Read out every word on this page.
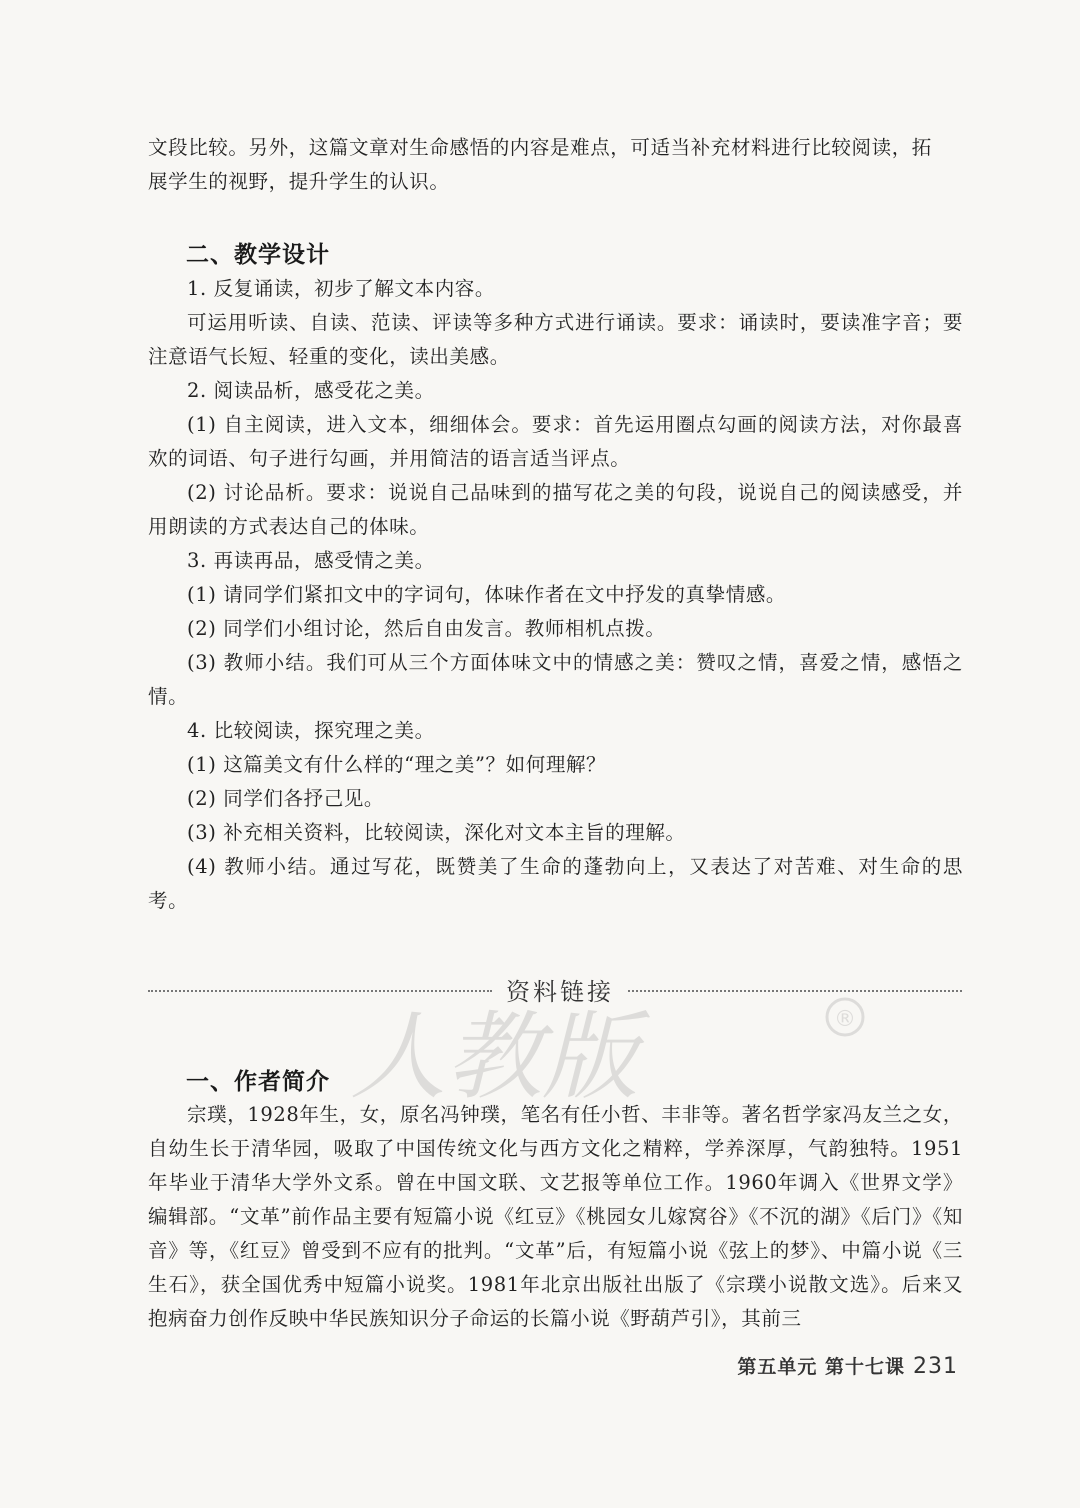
文段比较。另外，这篇文章对生命感悟的内容是难点，可适当补充材料进行比较阅读，拓

展学生的视野，提升学生的认识。

二、教学设计

1. 反复诵读，初步了解文本内容。

可运用听读、自读、范读、评读等多种方式进行诵读。要求：诵读时，要读准字音；要注意语气长短、轻重的变化，读出美感。

2. 阅读品析，感受花之美。

(1) 自主阅读，进入文本，细细体会。要求：首先运用圈点勾画的阅读方法，对你最喜欢的词语、句子进行勾画，并用简洁的语言适当评点。

(2) 讨论品析。要求：说说自己品味到的描写花之美的句段，说说自己的阅读感受，并用朗读的方式表达自己的体味。

3. 再读再品，感受情之美。

(1) 请同学们紧扣文中的字词句，体味作者在文中抒发的真挚情感。

(2) 同学们小组讨论，然后自由发言。教师相机点拨。

(3) 教师小结。我们可从三个方面体味文中的情感之美：赞叹之情，喜爱之情，感悟之情。

4. 比较阅读，探究理之美。

(1) 这篇美文有什么样的“理之美”？如何理解？

(2) 同学们各抒己见。

(3) 补充相关资料，比较阅读，深化对文本主旨的理解。

(4) 教师小结。通过写花，既赞美了生命的蓬勃向上，又表达了对苦难、对生命的思考。

资料链接
人教版	®
一、作者简介

宗璞，1928年生，女，原名冯钟璞，笔名有任小哲、丰非等。著名哲学家冯友兰之女，自幼生长于清华园，吸取了中国传统文化与西方文化之精粹，学养深厚，气韵独特。1951年毕业于清华大学外文系。曾在中国文联、文艺报等单位工作。1960年调入《世界文学》编辑部。“文革”前作品主要有短篇小说《红豆》《桃园女儿嫁窝谷》《不沉的湖》《后门》《知音》等，《红豆》曾受到不应有的批判。“文革”后，有短篇小说《弦上的梦》、中篇小说《三生石》，获全国优秀中短篇小说奖。1981年北京出版社出版了《宗璞小说散文选》。后来又抱病奋力创作反映中华民族知识分子命运的长篇小说《野葫芦引》，其前三

第五单元 第十七课 231
